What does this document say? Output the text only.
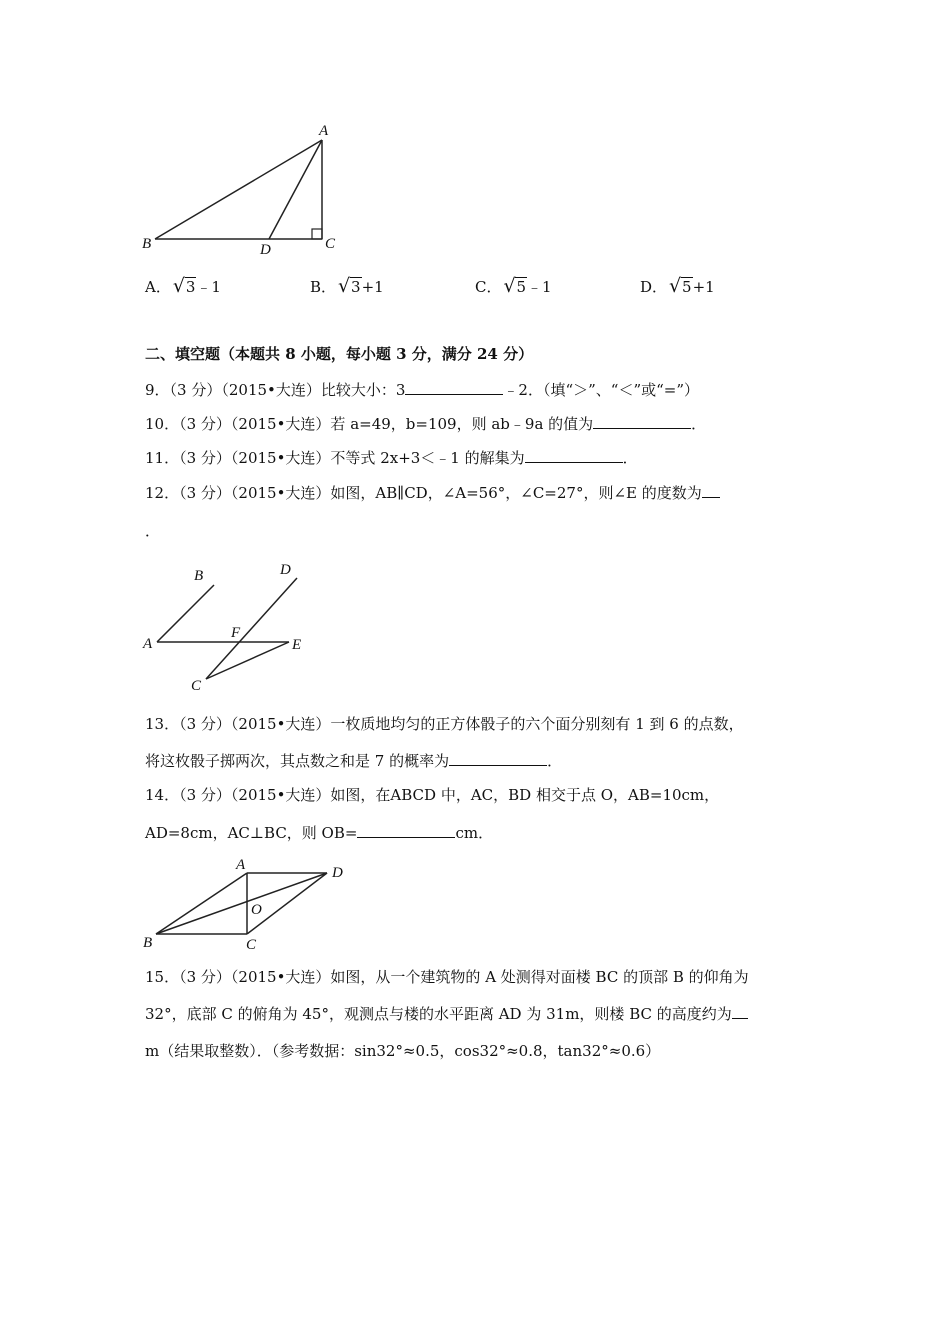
A
B	C
D
A． √ 3﹣1	B． √ 3+1	C． √ 5﹣1	D． √ 5+1
二、填空题（本题共 8 小题，每小题 3 分，满分 24 分）
9．（3 分）（2015•大连）比较大小：3	﹣2．（填“＞”、“＜”或“=”）
10．（3 分）（2015•大连）若 a=49，b=109，则 ab﹣9a 的值为	．
11．（3 分）（2015•大连）不等式 2x+3＜﹣1 的解集为	．
12．（3 分）（2015•大连）如图，AB∥CD，∠A=56°，∠C=27°，则∠E 的度数为
．
B	D
A
F
E
C
13．（3 分）（2015•大连）一枚质地均匀的正方体骰子的六个面分别刻有 1 到 6 的点数，
将这枚骰子掷两次，其点数之和是 7 的概率为	．
14．（3 分）（2015•大连）如图，在ABCD 中，AC，BD 相交于点 O，AB=10cm，
AD=8cm，AC⊥BC，则 OB=	cm．
A	D
O
B	C
15．（3 分）（2015•大连）如图，从一个建筑物的 A 处测得对面楼 BC 的顶部 B 的仰角为
32°，底部 C 的俯角为 45°，观测点与楼的水平距离 AD 为 31m，则楼 BC 的高度约为
m（结果取整数）．（参考数据：sin32°≈0.5，cos32°≈0.8，tan32°≈0.6）
